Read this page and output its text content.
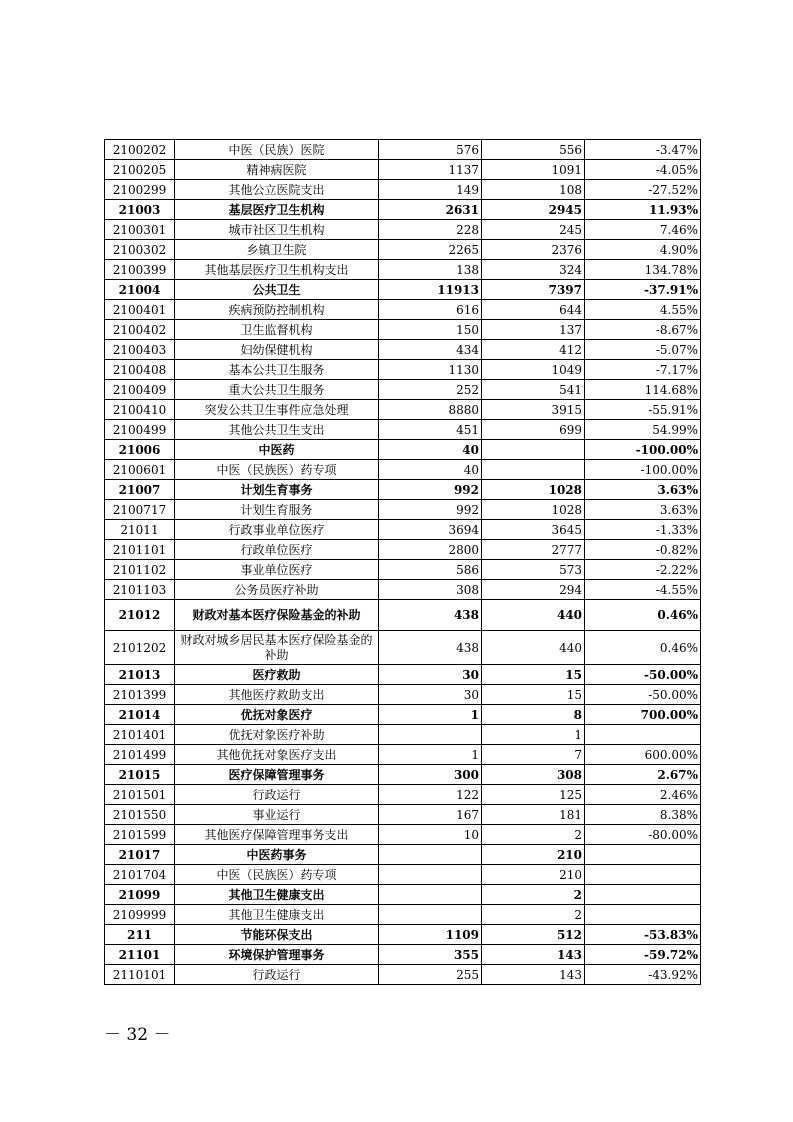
2100202	中医（民族）医院	576	556	-3.47%
2100205	精神病医院	1137	1091	-4.05%
2100299	其他公立医院支出	149	108	-27.52%
21003	基层医疗卫生机构	2631	2945	11.93%
2100301	城市社区卫生机构	228	245	7.46%
2100302	乡镇卫生院	2265	2376	4.90%
2100399	其他基层医疗卫生机构支出	138	324	134.78%
21004	公共卫生	11913	7397	-37.91%
2100401	疾病预防控制机构	616	644	4.55%
2100402	卫生监督机构	150	137	-8.67%
2100403	妇幼保健机构	434	412	-5.07%
2100408	基本公共卫生服务	1130	1049	-7.17%
2100409	重大公共卫生服务	252	541	114.68%
2100410	突发公共卫生事件应急处理	8880	3915	-55.91%
2100499	其他公共卫生支出	451	699	54.99%
21006	中医药	40		-100.00%
2100601	中医（民族医）药专项	40		-100.00%
21007	计划生育事务	992	1028	3.63%
2100717	计划生育服务	992	1028	3.63%
21011	行政事业单位医疗	3694	3645	-1.33%
2101101	行政单位医疗	2800	2777	-0.82%
2101102	事业单位医疗	586	573	-2.22%
2101103	公务员医疗补助	308	294	-4.55%
21012	财政对基本医疗保险基金的补助	438	440	0.46%
2101202	财政对城乡居民基本医疗保险基金的补助	438	440	0.46%
21013	医疗救助	30	15	-50.00%
2101399	其他医疗救助支出	30	15	-50.00%
21014	优抚对象医疗	1	8	700.00%
2101401	优抚对象医疗补助		1	
2101499	其他优抚对象医疗支出	1	7	600.00%
21015	医疗保障管理事务	300	308	2.67%
2101501	行政运行	122	125	2.46%
2101550	事业运行	167	181	8.38%
2101599	其他医疗保障管理事务支出	10	2	-80.00%
21017	中医药事务		210	
2101704	中医（民族医）药专项		210	
21099	其他卫生健康支出		2	
2109999	其他卫生健康支出		2	
211	节能环保支出	1109	512	-53.83%
21101	环境保护管理事务	355	143	-59.72%
2110101	行政运行	255	143	-43.92%
－ 32 －
